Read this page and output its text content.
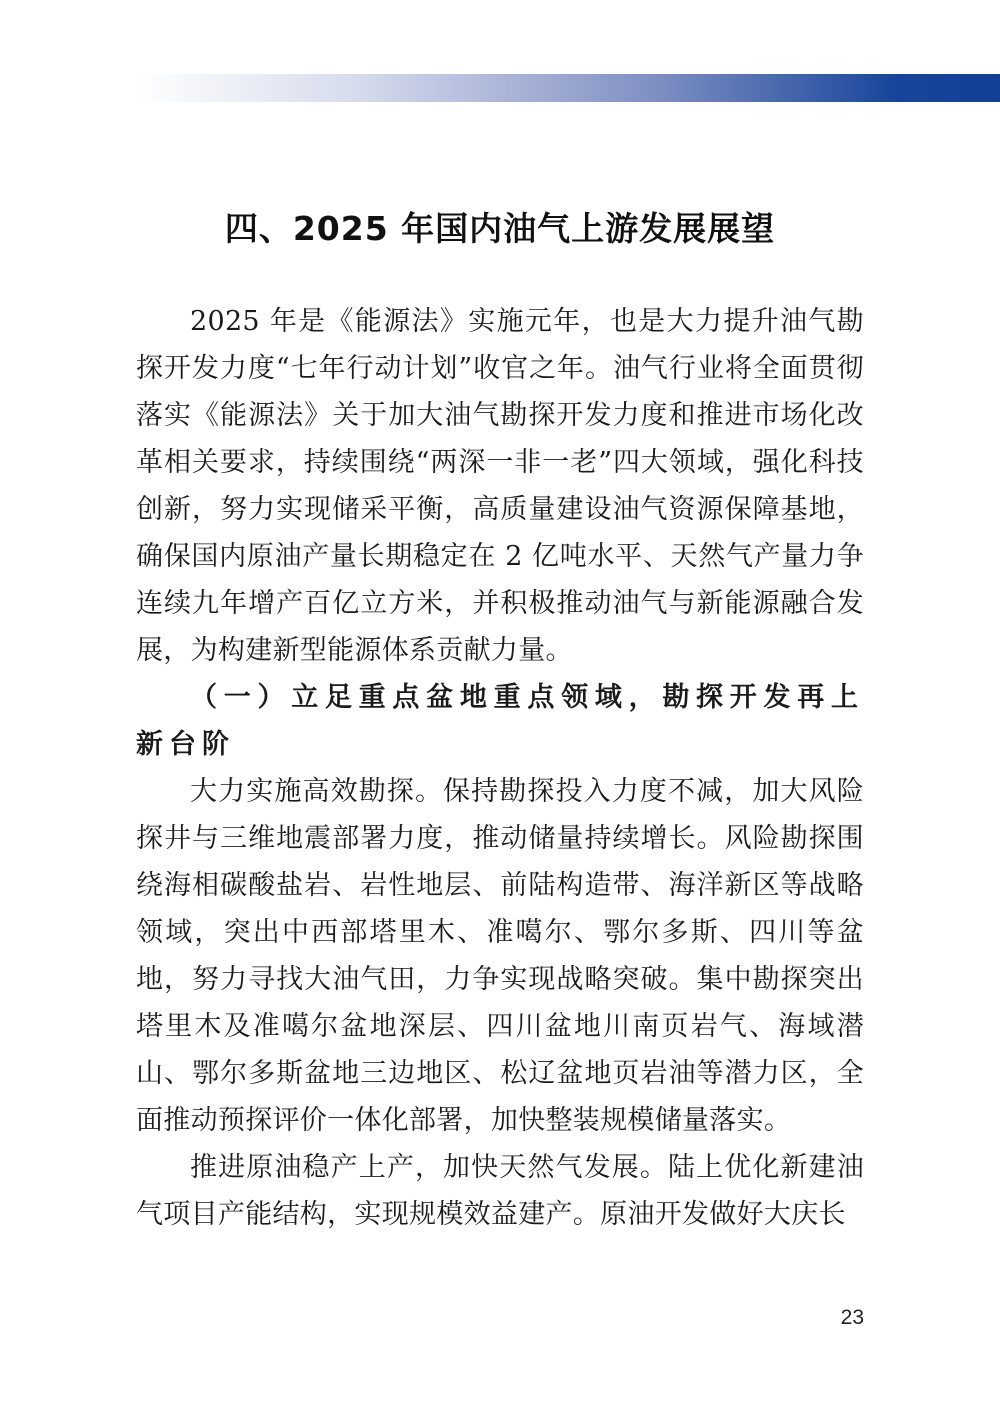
四、2025 年国内油气上游发展展望

2025 年是《能源法》实施元年，也是大力提升油气勘探开发力度“七年行动计划”收官之年。油气行业将全面贯彻落实《能源法》关于加大油气勘探开发力度和推进市场化改革相关要求，持续围绕“两深一非一老”四大领域，强化科技创新，努力实现储采平衡，高质量建设油气资源保障基地，确保国内原油产量长期稳定在 2 亿吨水平、天然气产量力争连续九年增产百亿立方米，并积极推动油气与新能源融合发展，为构建新型能源体系贡献力量。

（一）立足重点盆地重点领域，勘探开发再上新台阶

大力实施高效勘探。保持勘探投入力度不减，加大风险探井与三维地震部署力度，推动储量持续增长。风险勘探围绕海相碳酸盐岩、岩性地层、前陆构造带、海洋新区等战略领域，突出中西部塔里木、准噶尔、鄂尔多斯、四川等盆地，努力寻找大油气田，力争实现战略突破。集中勘探突出塔里木及准噶尔盆地深层、四川盆地川南页岩气、海域潜山、鄂尔多斯盆地三边地区、松辽盆地页岩油等潜力区，全面推动预探评价一体化部署，加快整装规模储量落实。

推进原油稳产上产，加快天然气发展。陆上优化新建油气项目产能结构，实现规模效益建产。原油开发做好大庆长

23
